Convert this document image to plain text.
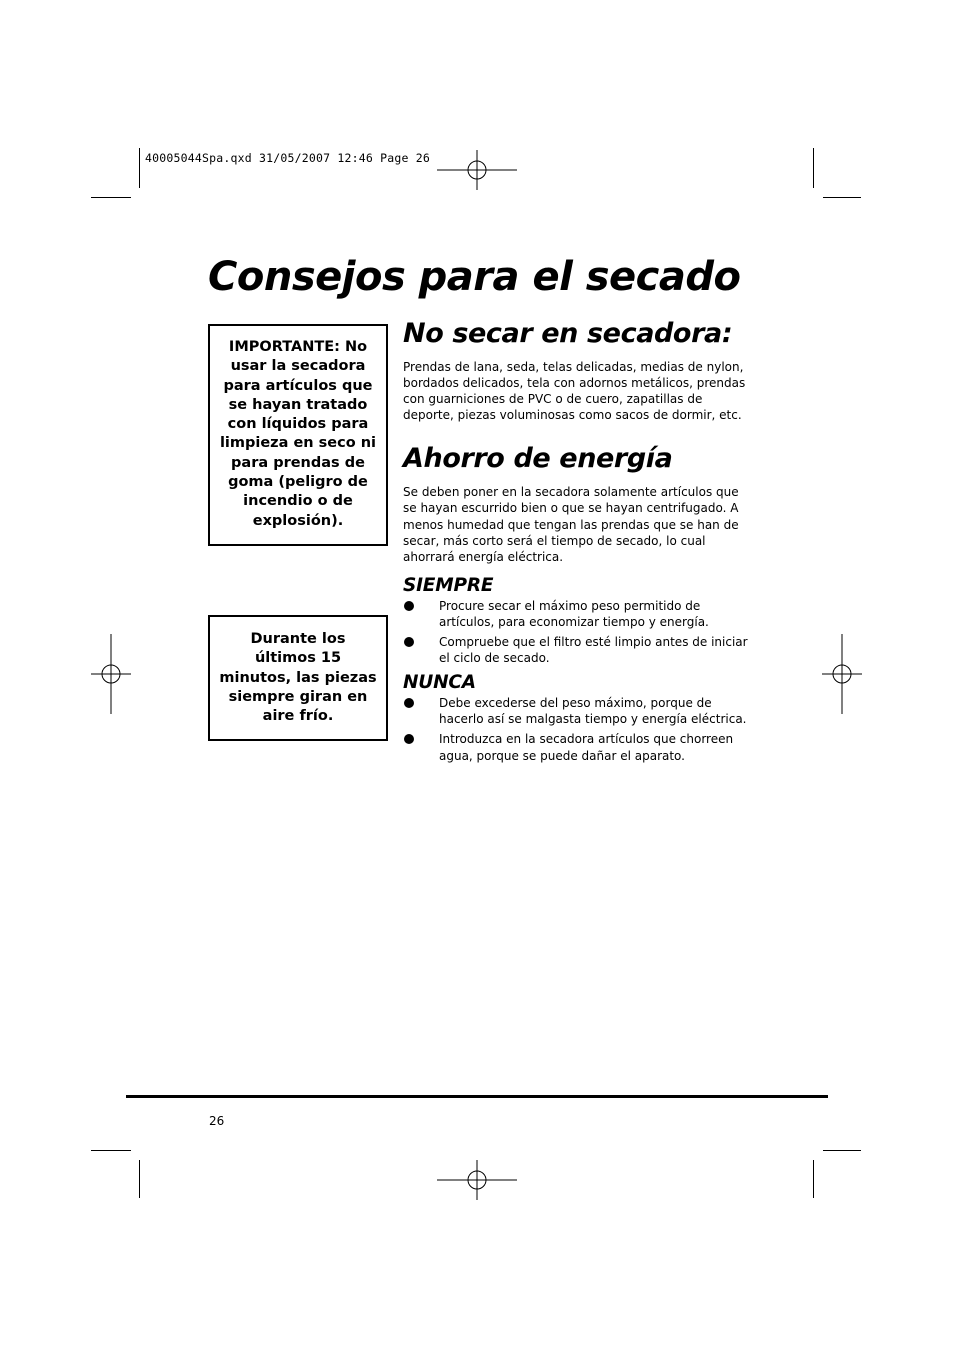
40005044Spa.qxd 31/05/2007 12:46 Page 26
Consejos para el secado
IMPORTANTE: No usar la secadora para artículos que se hayan tratado con líquidos para limpieza en seco ni para prendas de goma (peligro de incendio o de explosión).
Durante los últimos 15 minutos, las piezas siempre giran en aire frío.
No secar en secadora:

Prendas de lana, seda, telas delicadas, medias de nylon, bordados delicados, tela con adornos metálicos, prendas con guarniciones de PVC o de cuero, zapatillas de deporte, piezas voluminosas como sacos de dormir, etc.

Ahorro de energía

Se deben poner en la secadora solamente artículos que se hayan escurrido bien o que se hayan centrifugado. A menos humedad que tengan las prendas que se han de secar, más corto será el tiempo de secado, lo cual ahorrará energía eléctrica.

SIEMPRE
Procure secar el máximo peso permitido de artículos, para economizar tiempo y energía.
Compruebe que el filtro esté limpio antes de iniciar el ciclo de secado.
NUNCA
Debe excederse del peso máximo, porque de hacerlo así se malgasta tiempo y energía eléctrica.
Introduzca en la secadora artículos que chorreen agua, porque se puede dañar el aparato.
26
